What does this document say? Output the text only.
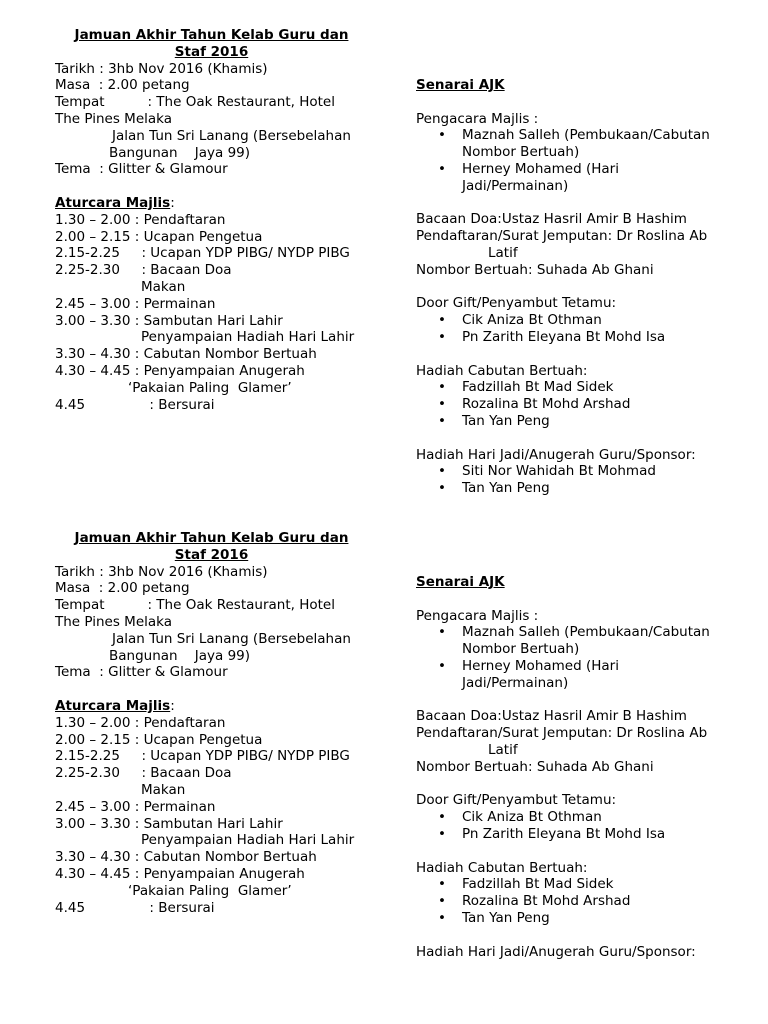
Jamuan Akhir Tahun Kelab Guru dan
Staf 2016
Tarikh : 3hb Nov 2016 (Khamis)
Masa  : 2.00 petang
Tempat          : The Oak Restaurant, Hotel
The Pines Melaka
Jalan Tun Sri Lanang (Bersebelahan
Bangunan    Jaya 99)
Tema  : Glitter & Glamour
Aturcara Majlis:
1.30 – 2.00 : Pendaftaran
2.00 – 2.15 : Ucapan Pengetua
2.15-2.25     : Ucapan YDP PIBG/ NYDP PIBG
2.25-2.30     : Bacaan Doa
Makan
2.45 – 3.00 : Permainan
3.00 – 3.30 : Sambutan Hari Lahir
Penyampaian Hadiah Hari Lahir
3.30 – 4.30 : Cabutan Nombor Bertuah
4.30 – 4.45 : Penyampaian Anugerah
‘Pakaian Paling  Glamer’
4.45               : Bersurai
Senarai AJK
Pengacara Majlis :
• Maznah Salleh (Pembukaan/Cabutan
Nombor Bertuah)
• Herney Mohamed (Hari
Jadi/Permainan)
Bacaan Doa:Ustaz Hasril Amir B Hashim
Pendaftaran/Surat Jemputan: Dr Roslina Ab
Latif
Nombor Bertuah: Suhada Ab Ghani
Door Gift/Penyambut Tetamu:
• Cik Aniza Bt Othman
• Pn Zarith Eleyana Bt Mohd Isa
Hadiah Cabutan Bertuah:
• Fadzillah Bt Mad Sidek
• Rozalina Bt Mohd Arshad
• Tan Yan Peng
Hadiah Hari Jadi/Anugerah Guru/Sponsor:
• Siti Nor Wahidah Bt Mohmad
• Tan Yan Peng
Jamuan Akhir Tahun Kelab Guru dan
Staf 2016
Tarikh : 3hb Nov 2016 (Khamis)
Masa  : 2.00 petang
Tempat          : The Oak Restaurant, Hotel
The Pines Melaka
Jalan Tun Sri Lanang (Bersebelahan
Bangunan    Jaya 99)
Tema  : Glitter & Glamour
Aturcara Majlis:
1.30 – 2.00 : Pendaftaran
2.00 – 2.15 : Ucapan Pengetua
2.15-2.25     : Ucapan YDP PIBG/ NYDP PIBG
2.25-2.30     : Bacaan Doa
Makan
2.45 – 3.00 : Permainan
3.00 – 3.30 : Sambutan Hari Lahir
Penyampaian Hadiah Hari Lahir
3.30 – 4.30 : Cabutan Nombor Bertuah
4.30 – 4.45 : Penyampaian Anugerah
‘Pakaian Paling  Glamer’
4.45               : Bersurai
Senarai AJK
Pengacara Majlis :
• Maznah Salleh (Pembukaan/Cabutan
Nombor Bertuah)
• Herney Mohamed (Hari
Jadi/Permainan)
Bacaan Doa:Ustaz Hasril Amir B Hashim
Pendaftaran/Surat Jemputan: Dr Roslina Ab
Latif
Nombor Bertuah: Suhada Ab Ghani
Door Gift/Penyambut Tetamu:
• Cik Aniza Bt Othman
• Pn Zarith Eleyana Bt Mohd Isa
Hadiah Cabutan Bertuah:
• Fadzillah Bt Mad Sidek
• Rozalina Bt Mohd Arshad
• Tan Yan Peng
Hadiah Hari Jadi/Anugerah Guru/Sponsor:
